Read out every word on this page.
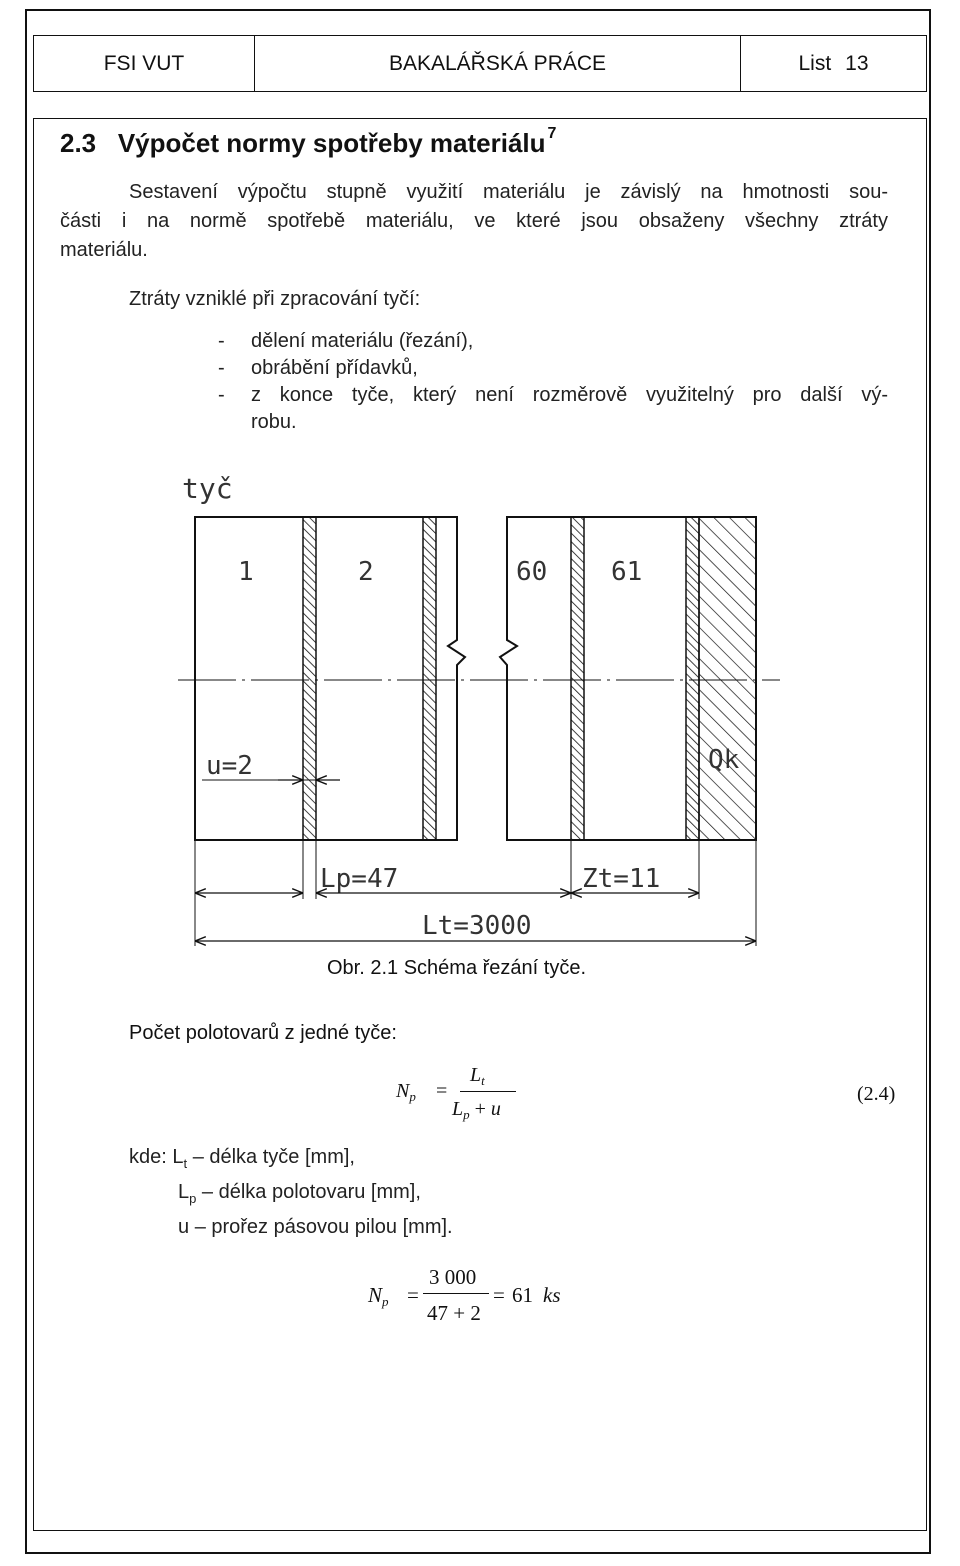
FSI VUT	BAKALÁŘSKÁ PRÁCE	List 13
2.3 Výpočet normy spotřeby materiálu $^7$
Sestavení výpočtu stupně využití materiálu je závislý na hmotnosti sou-
části i na normě spotřebě materiálu, ve které jsou obsaženy všechny ztráty
materiálu.
Ztráty vzniklé při zpracování tyčí:
- dělení materiálu (řezání),
- obrábění přídavků,
- z konce tyče, který není rozměrově využitelný pro další vý-
robu.
tyč
1	2	60 61
u=2	Qk
Lp=47	Zt=11
Lt=3000
Obr. 2.1 Schéma řezání tyče.
Počet polotovarů z jedné tyče:
$N_p$ =
$L_t$
$L_p + u$
(2.4)
kde: $L_t$ – délka tyče [mm],
$L_p$ – délka polotovaru [mm],
u – prořez pásovou pilou [mm].
Np =
3 000
47 + 2
= 61 ks
